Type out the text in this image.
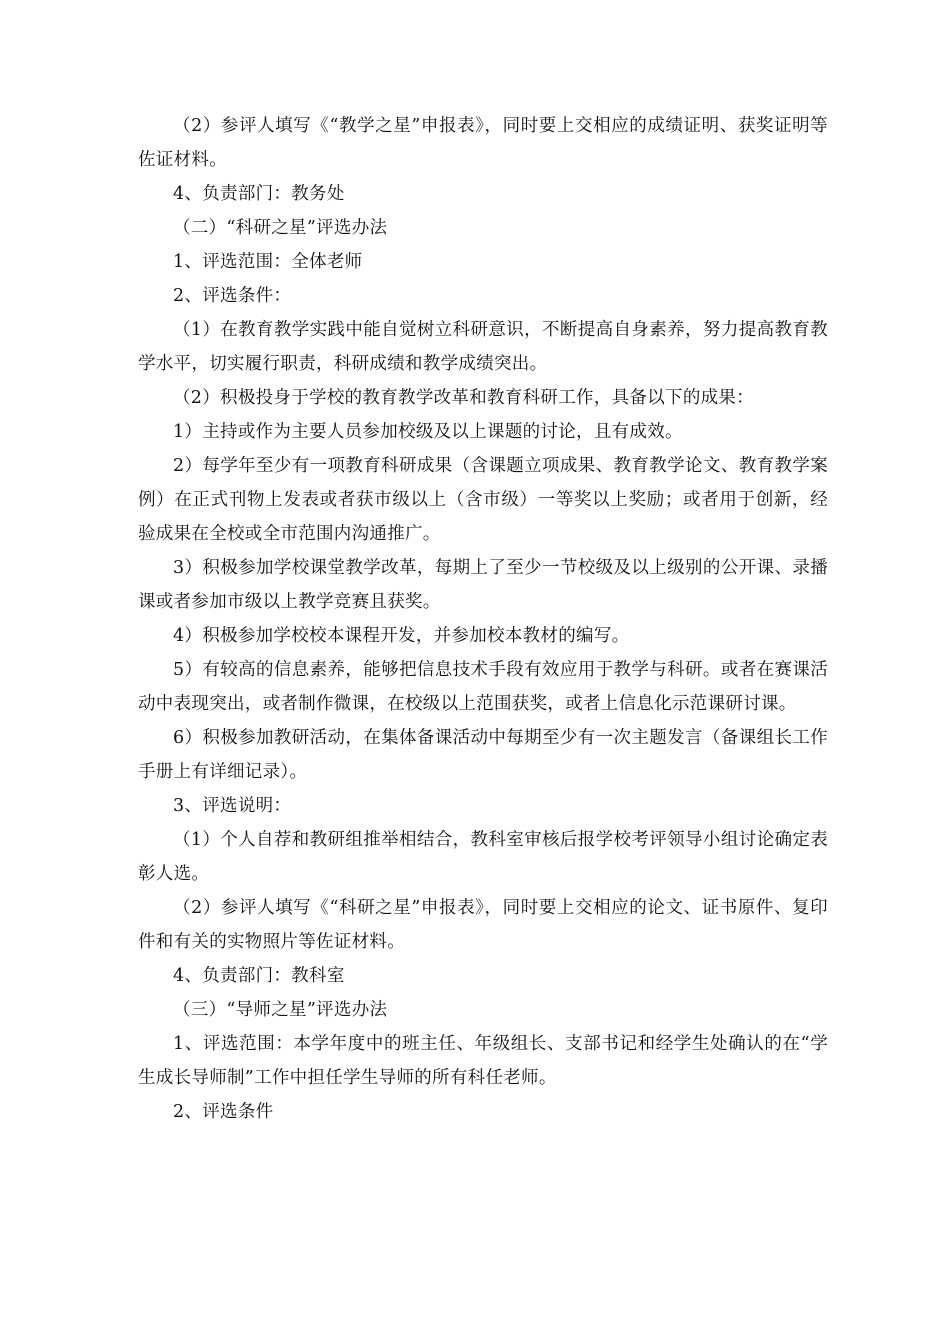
（2）参评人填写《“教学之星”申报表》，同时要上交相应的成绩证明、获奖证明等佐证材料。

4、负责部门：教务处

（二）“科研之星”评选办法

1、评选范围：全体老师

2、评选条件：

（1）在教育教学实践中能自觉树立科研意识，不断提高自身素养，努力提高教育教学水平，切实履行职责，科研成绩和教学成绩突出。

（2）积极投身于学校的教育教学改革和教育科研工作，具备以下的成果：

1）主持或作为主要人员参加校级及以上课题的讨论，且有成效。

2）每学年至少有一项教育科研成果（含课题立项成果、教育教学论文、教育教学案例）在正式刊物上发表或者获市级以上（含市级）一等奖以上奖励；或者用于创新，经验成果在全校或全市范围内沟通推广。

3）积极参加学校课堂教学改革，每期上了至少一节校级及以上级别的公开课、录播课或者参加市级以上教学竞赛且获奖。

4）积极参加学校校本课程开发，并参加校本教材的编写。

5）有较高的信息素养，能够把信息技术手段有效应用于教学与科研。或者在赛课活动中表现突出，或者制作微课，在校级以上范围获奖，或者上信息化示范课研讨课。

6）积极参加教研活动，在集体备课活动中每期至少有一次主题发言（备课组长工作手册上有详细记录）。

3、评选说明：

（1）个人自荐和教研组推举相结合，教科室审核后报学校考评领导小组讨论确定表彰人选。

（2）参评人填写《“科研之星”申报表》，同时要上交相应的论文、证书原件、复印件和有关的实物照片等佐证材料。

4、负责部门：教科室

（三）“导师之星”评选办法

1、评选范围：本学年度中的班主任、年级组长、支部书记和经学生处确认的在“学生成长导师制”工作中担任学生导师的所有科任老师。

2、评选条件
